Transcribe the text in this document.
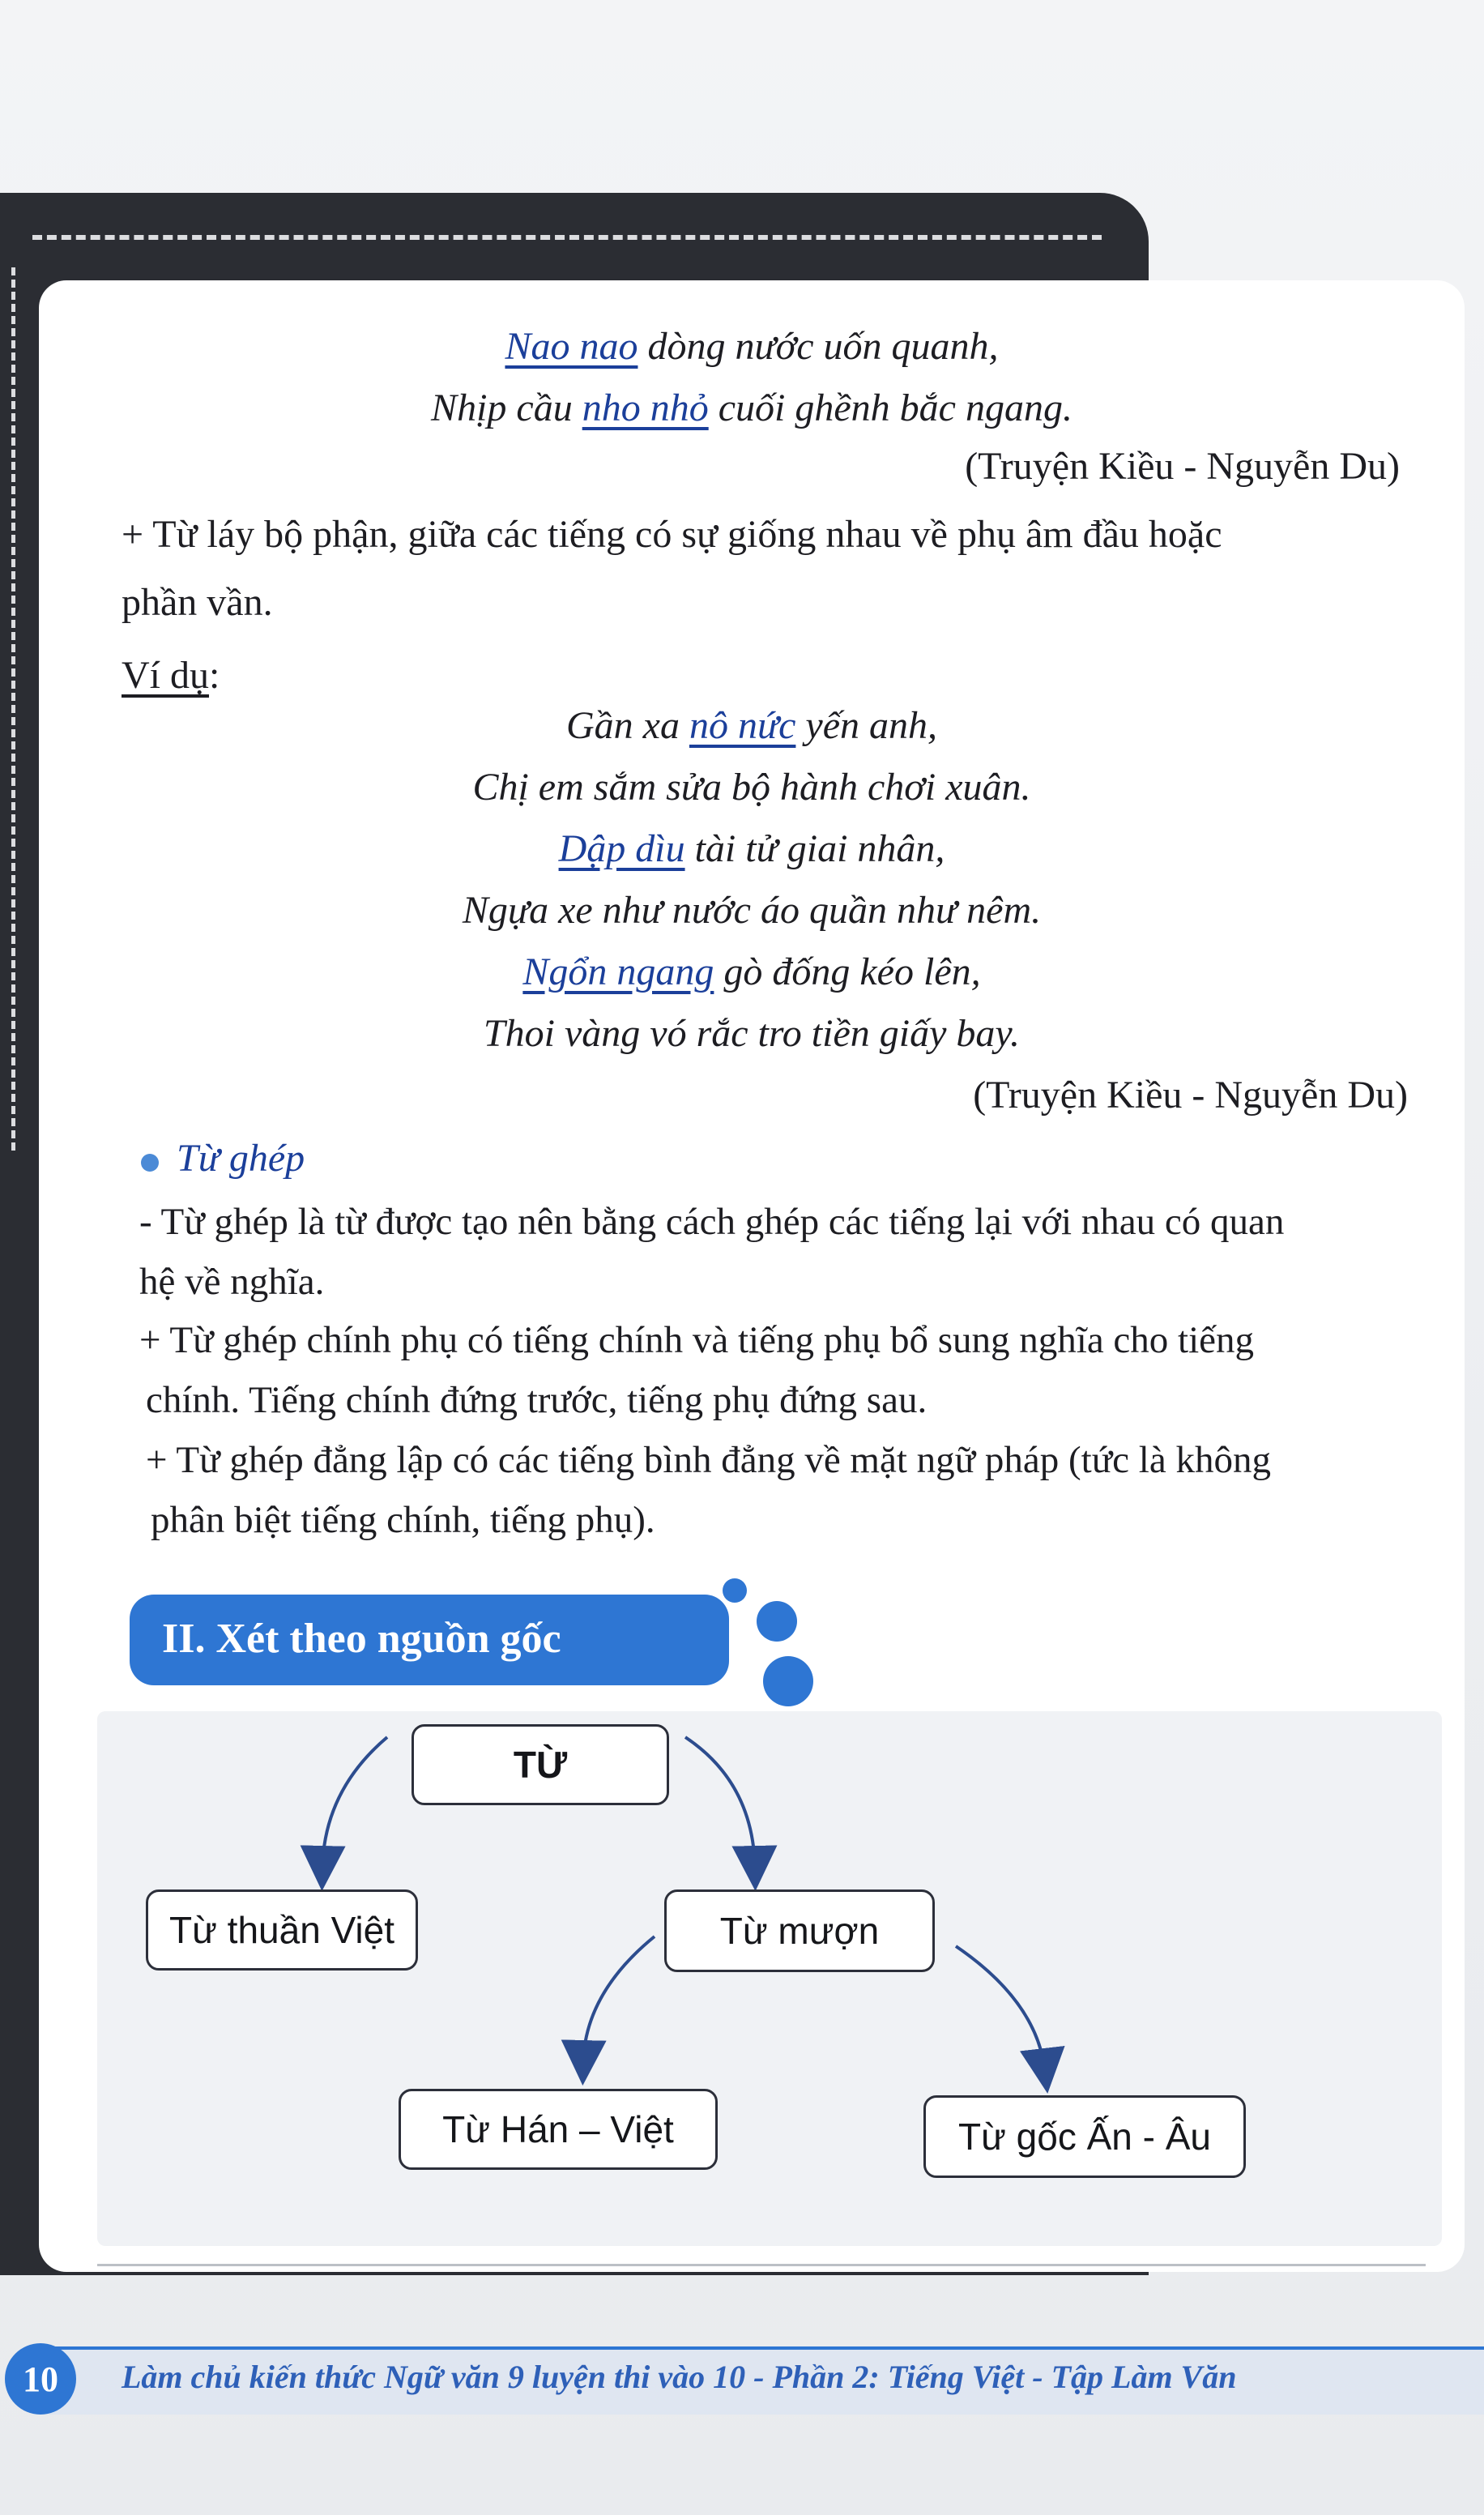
Nao nao dòng nước uốn quanh,
Nhịp cầu nho nhỏ cuối ghềnh bắc ngang.
(Truyện Kiều - Nguyễn Du)
+ Từ láy bộ phận, giữa các tiếng có sự giống nhau về phụ âm đầu hoặc
phần vần.
Ví dụ:
Gần xa nô nức yến anh,
Chị em sắm sửa bộ hành chơi xuân.
Dập dìu tài tử giai nhân,
Ngựa xe như nước áo quần như nêm.
Ngổn ngang gò đống kéo lên,
Thoi vàng vó rắc tro tiền giấy bay.
(Truyện Kiều - Nguyễn Du)
Từ ghép
- Từ ghép là từ được tạo nên bằng cách ghép các tiếng lại với nhau có quan
hệ về nghĩa.
+ Từ ghép chính phụ có tiếng chính và tiếng phụ bổ sung nghĩa cho tiếng
chính. Tiếng chính đứng trước, tiếng phụ đứng sau.
+ Từ ghép đẳng lập có các tiếng bình đẳng về mặt ngữ pháp (tức là không
phân biệt tiếng chính, tiếng phụ).
II. Xét theo nguồn gốc
TỪ
Từ thuần Việt	Từ mượn
Từ Hán – Việt	Từ gốc Ấn - Âu
10	Làm chủ kiến thức Ngữ văn 9 luyện thi vào 10 - Phần 2: Tiếng Việt - Tập Làm Văn
